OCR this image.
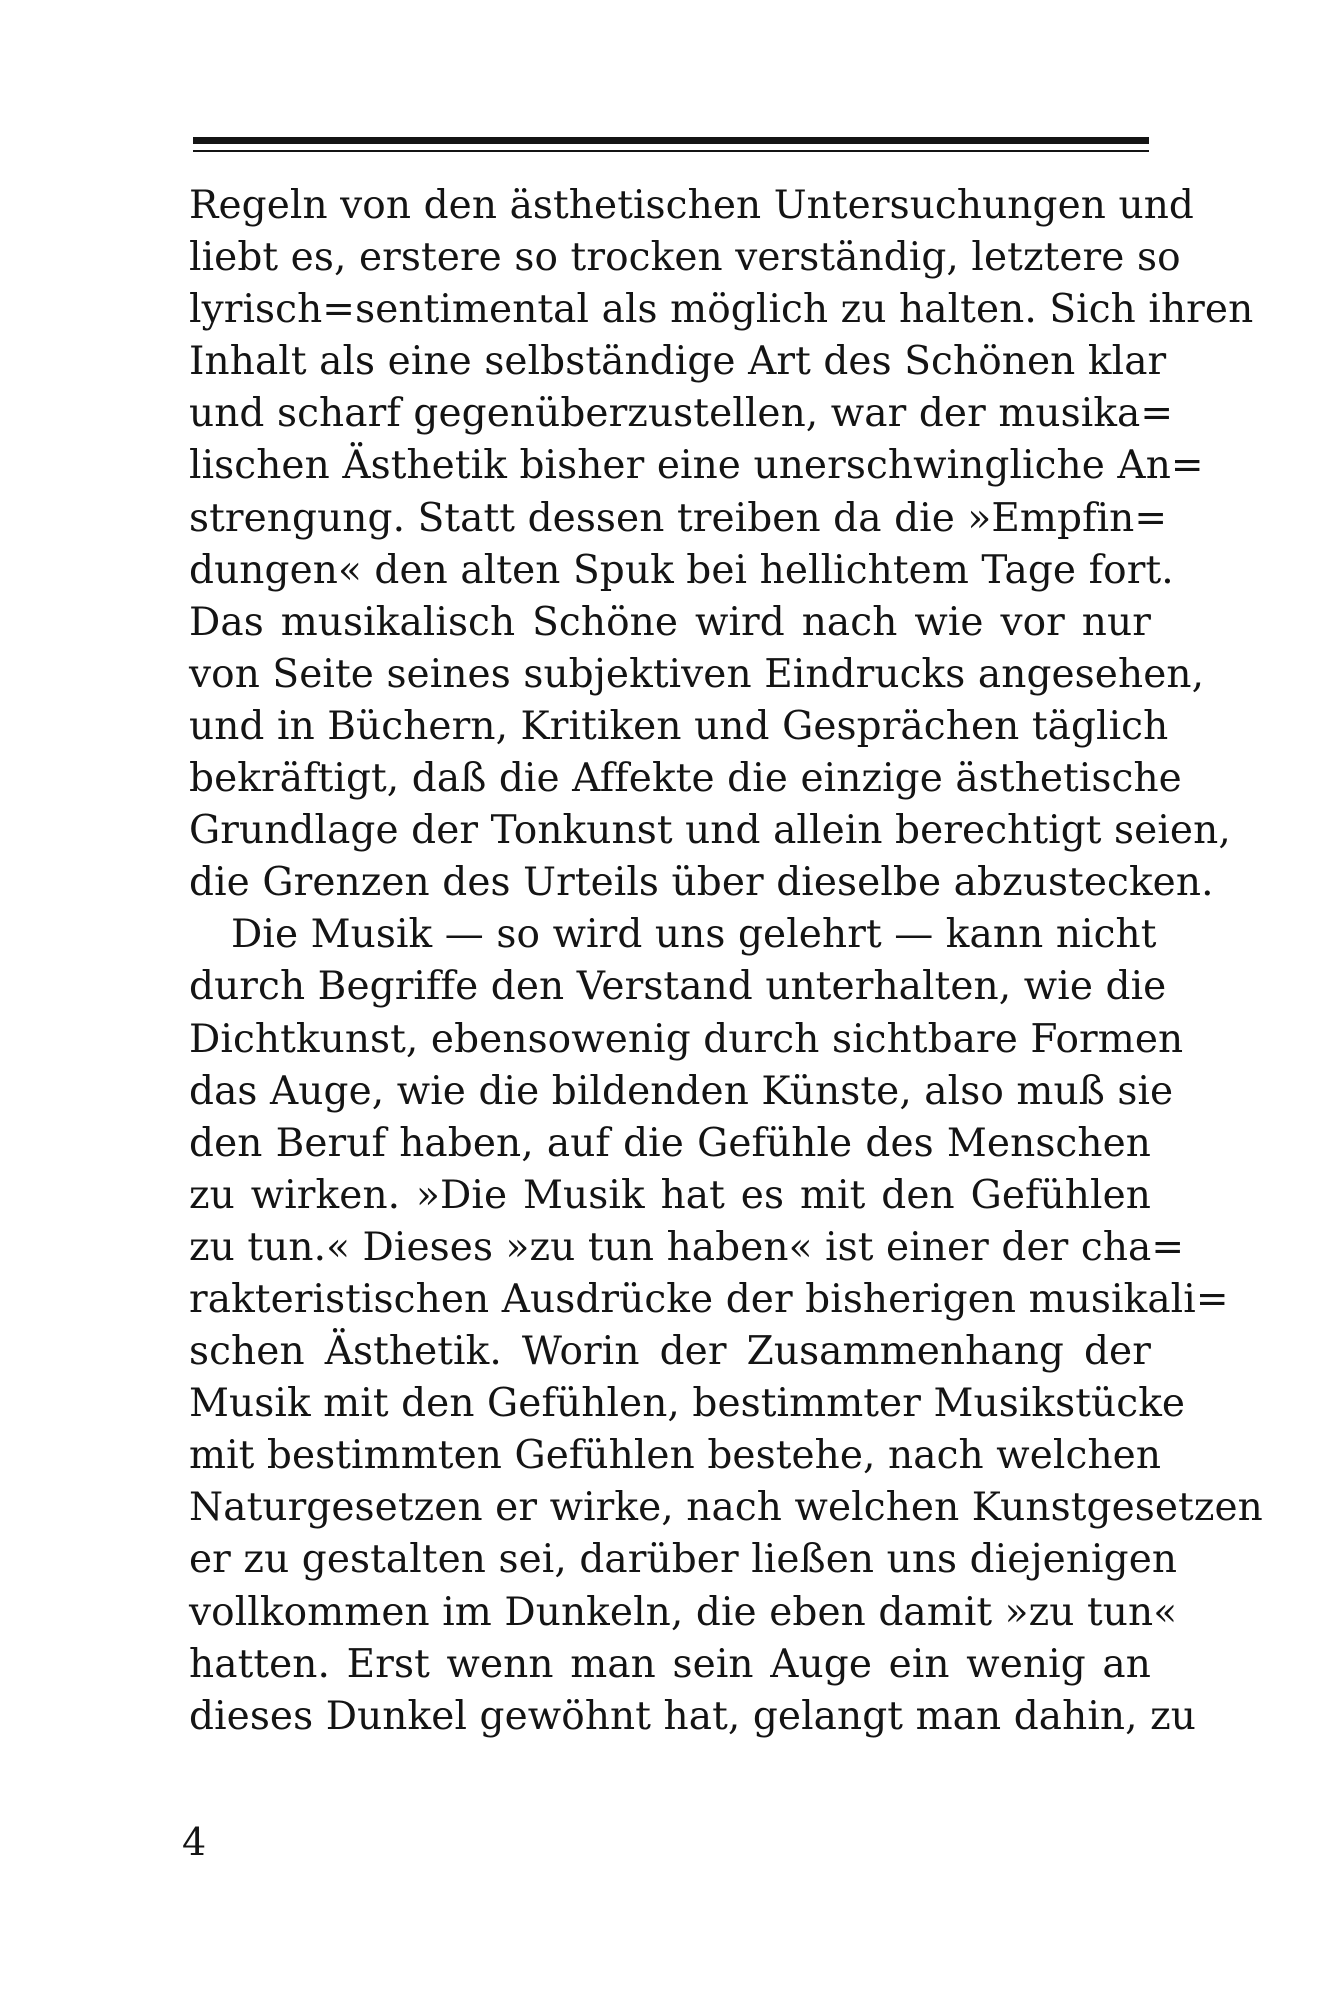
Regeln von den ästhetischen Untersuchungen und
liebt es, erstere so trocken verständig, letztere so
lyrisch=sentimental als möglich zu halten. Sich ihren
Inhalt als eine selbständige Art des Schönen klar
und scharf gegenüberzustellen, war der musika=
lischen Ästhetik bisher eine unerschwingliche An=
strengung. Statt dessen treiben da die »Empfin=
dungen« den alten Spuk bei hellichtem Tage fort.
Das musikalisch Schöne wird nach wie vor nur
von Seite seines subjektiven Eindrucks angesehen,
und in Büchern, Kritiken und Gesprächen täglich
bekräftigt, daß die Affekte die einzige ästhetische
Grundlage der Tonkunst und allein berechtigt seien,
die Grenzen des Urteils über dieselbe abzustecken.
Die Musik — so wird uns gelehrt — kann nicht
durch Begriffe den Verstand unterhalten, wie die
Dichtkunst, ebensowenig durch sichtbare Formen
das Auge, wie die bildenden Künste, also muß sie
den Beruf haben, auf die Gefühle des Menschen
zu wirken. »Die Musik hat es mit den Gefühlen
zu tun.« Dieses »zu tun haben« ist einer der cha=
rakteristischen Ausdrücke der bisherigen musikali=
schen Ästhetik. Worin der Zusammenhang der
Musik mit den Gefühlen, bestimmter Musikstücke
mit bestimmten Gefühlen bestehe, nach welchen
Naturgesetzen er wirke, nach welchen Kunstgesetzen
er zu gestalten sei, darüber ließen uns diejenigen
vollkommen im Dunkeln, die eben damit »zu tun«
hatten. Erst wenn man sein Auge ein wenig an
dieses Dunkel gewöhnt hat, gelangt man dahin, zu
4
